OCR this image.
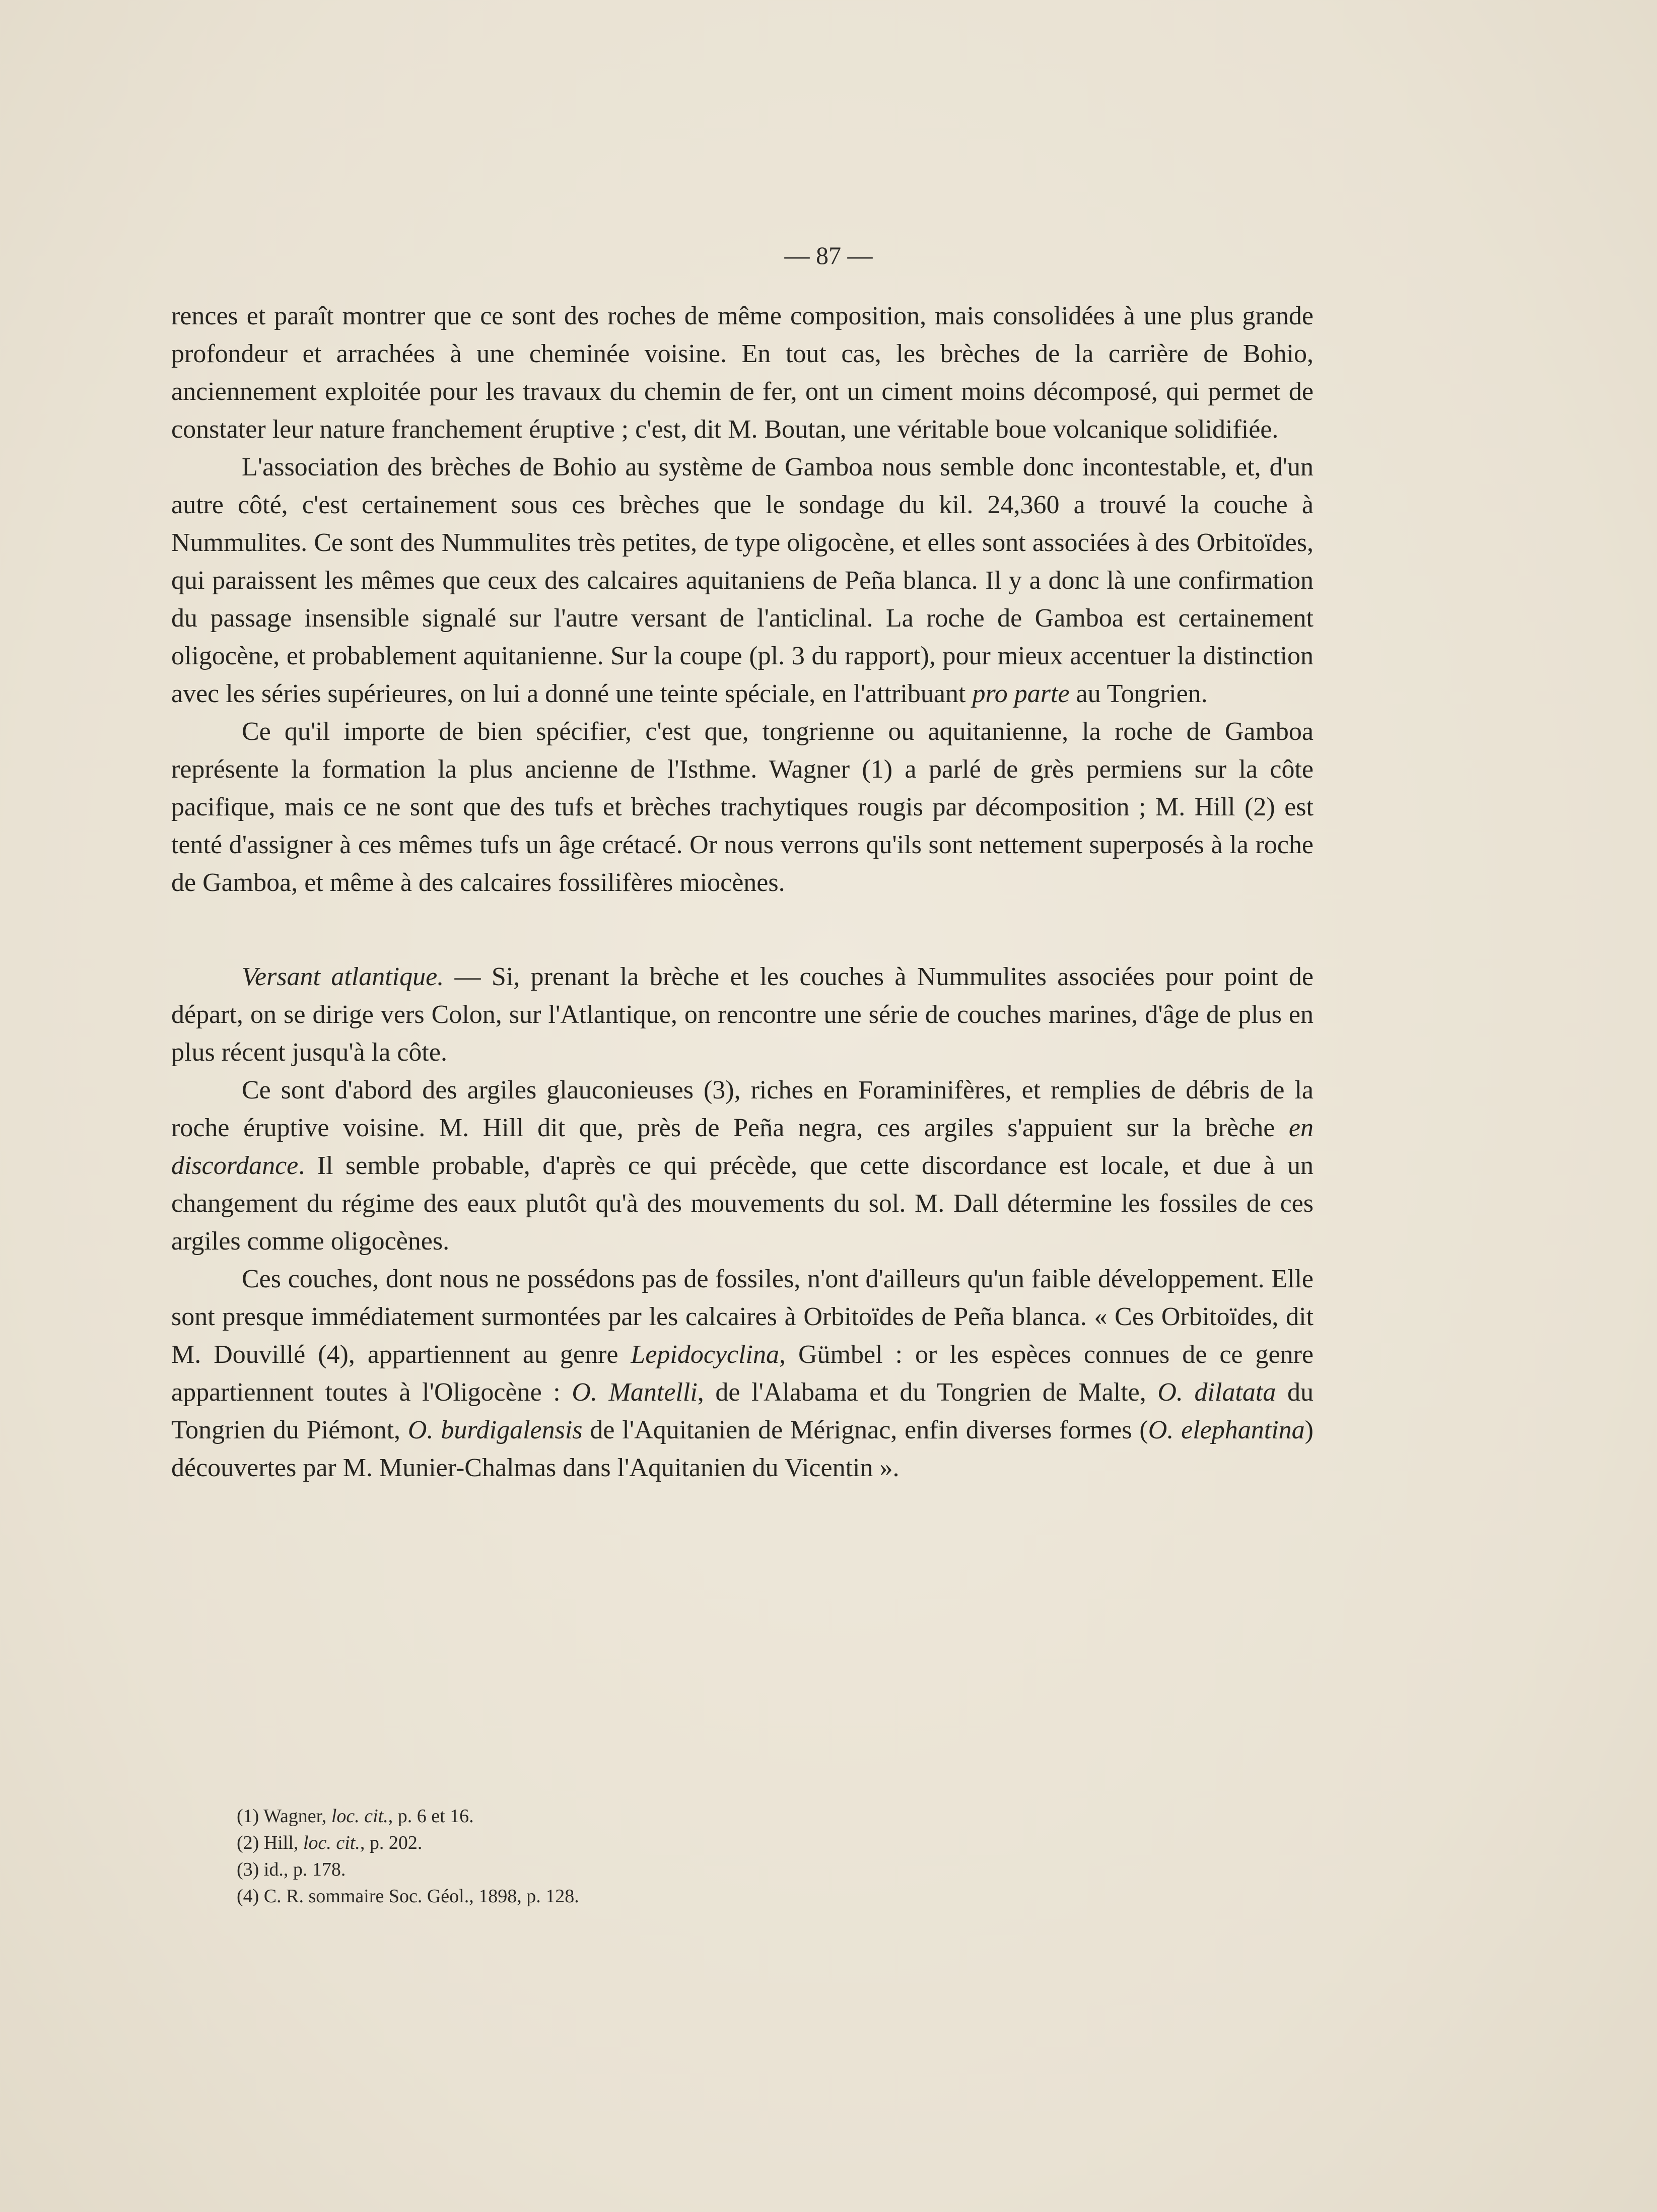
— 87 —

rences et paraît montrer que ce sont des roches de même composition, mais consolidées à une plus grande profondeur et arrachées à une cheminée voisine. En tout cas, les brèches de la carrière de Bohio, anciennement exploitée pour les travaux du chemin de fer, ont un ciment moins décomposé, qui permet de constater leur nature franchement éruptive ; c'est, dit M. Boutan, une véritable boue volcanique solidifiée.

L'association des brèches de Bohio au système de Gamboa nous semble donc incontestable, et, d'un autre côté, c'est certainement sous ces brèches que le sondage du kil. 24,360 a trouvé la couche à Nummulites. Ce sont des Nummulites très petites, de type oligocène, et elles sont associées à des Orbitoïdes, qui paraissent les mêmes que ceux des calcaires aquitaniens de Peña blanca. Il y a donc là une confirmation du passage insensible signalé sur l'autre versant de l'anticlinal. La roche de Gamboa est certainement oligocène, et probablement aquitanienne. Sur la coupe (pl. 3 du rapport), pour mieux accentuer la distinction avec les séries supérieures, on lui a donné une teinte spéciale, en l'attribuant pro parte au Tongrien.

Ce qu'il importe de bien spécifier, c'est que, tongrienne ou aquitanienne, la roche de Gamboa représente la formation la plus ancienne de l'Isthme. Wagner (1) a parlé de grès permiens sur la côte pacifique, mais ce ne sont que des tufs et brèches trachytiques rougis par décomposition ; M. Hill (2) est tenté d'assigner à ces mêmes tufs un âge crétacé. Or nous verrons qu'ils sont nettement superposés à la roche de Gamboa, et même à des calcaires fossilifères miocènes.

Versant atlantique. — Si, prenant la brèche et les couches à Nummulites associées pour point de départ, on se dirige vers Colon, sur l'Atlantique, on rencontre une série de couches marines, d'âge de plus en plus récent jusqu'à la côte.

Ce sont d'abord des argiles glauconieuses (3), riches en Foraminifères, et remplies de débris de la roche éruptive voisine. M. Hill dit que, près de Peña negra, ces argiles s'appuient sur la brèche en discordance. Il semble probable, d'après ce qui précède, que cette discordance est locale, et due à un changement du régime des eaux plutôt qu'à des mouvements du sol. M. Dall détermine les fossiles de ces argiles comme oligocènes.

Ces couches, dont nous ne possédons pas de fossiles, n'ont d'ailleurs qu'un faible développement. Elle sont presque immédiatement surmontées par les calcaires à Orbitoïdes de Peña blanca. « Ces Orbitoïdes, dit M. Douvillé (4), appartiennent au genre Lepidocyclina, Gümbel : or les espèces connues de ce genre appartiennent toutes à l'Oligocène : O. Mantelli, de l'Alabama et du Tongrien de Malte, O. dilatata du Tongrien du Piémont, O. burdigalensis de l'Aquitanien de Mérignac, enfin diverses formes (O. elephantina) découvertes par M. Munier-Chalmas dans l'Aquitanien du Vicentin ».

(1) Wagner, loc. cit., p. 6 et 16.
(2) Hill, loc. cit., p. 202.
(3) id., p. 178.
(4) C. R. sommaire Soc. Géol., 1898, p. 128.
